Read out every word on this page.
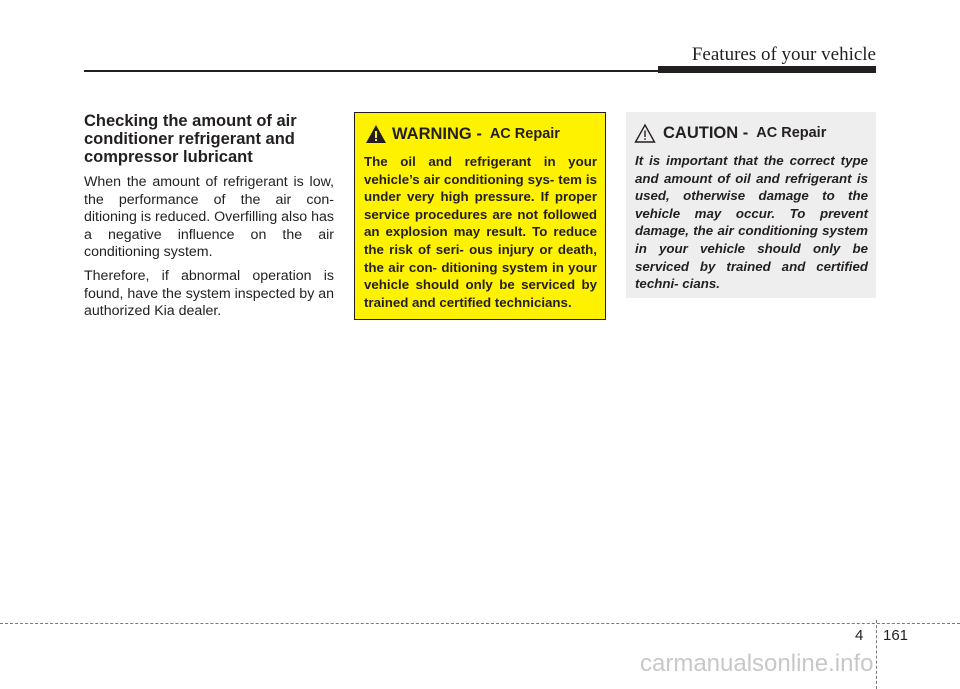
Features of your vehicle
Checking the amount of air conditioner refrigerant and compressor lubricant

When the amount of refrigerant is low, the performance of the air con- ditioning is reduced. Overfilling also has a negative influence on the air conditioning system.

Therefore, if abnormal operation is found, have the system inspected by an authorized Kia dealer.

WARNING - AC Repair

The oil and refrigerant in your vehicle’s air conditioning sys- tem is under very high pressure. If proper service procedures are not followed an explosion may result. To reduce the risk of seri- ous injury or death, the air con- ditioning system in your vehicle should only be serviced by trained and certified technicians.

CAUTION - AC Repair

It is important that the correct type and amount of oil and refrigerant is used, otherwise damage to the vehicle may occur. To prevent damage, the air conditioning system in your vehicle should only be serviced by trained and certified techni- cians.

4 161
carmanualsonline.info
